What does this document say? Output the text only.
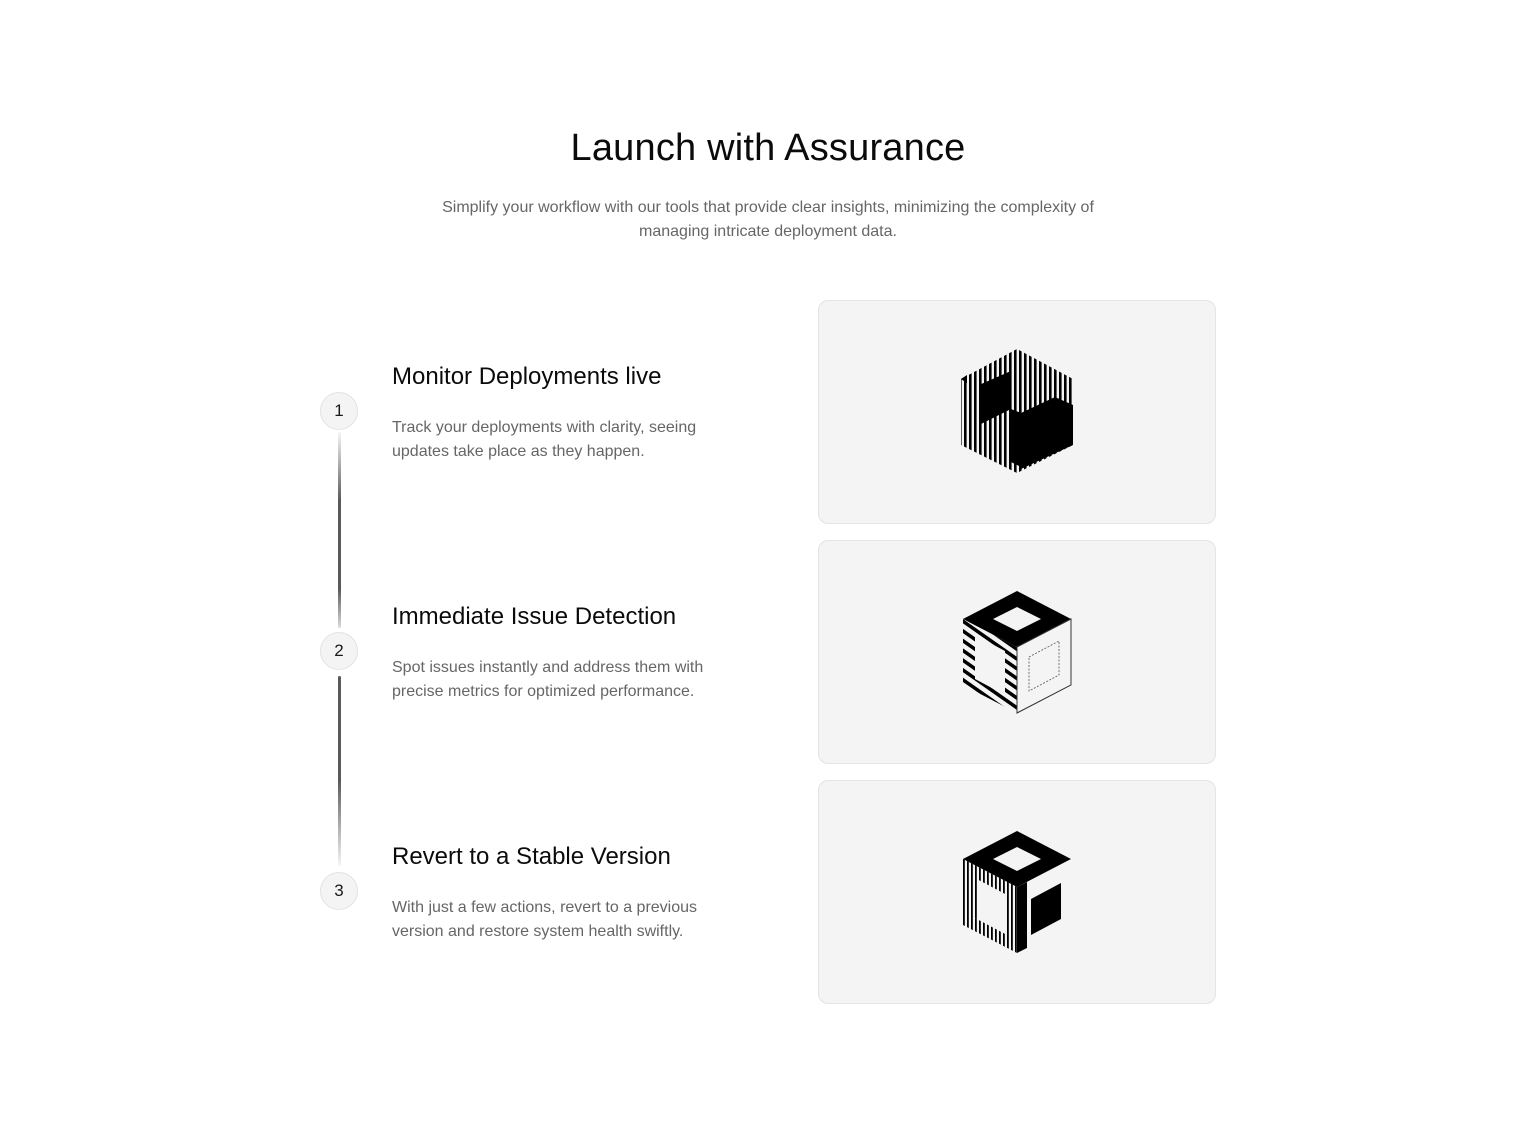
Launch with Assurance

Simplify your workflow with our tools that provide clear insights, minimizing the complexity of managing intricate deployment data.

1
Monitor Deployments live

Track your deployments with clarity, seeing updates take place as they happen.

2
Immediate Issue Detection

Spot issues instantly and address them with precise metrics for optimized performance.

3
Revert to a Stable Version

With just a few actions, revert to a previous version and restore system health swiftly.
